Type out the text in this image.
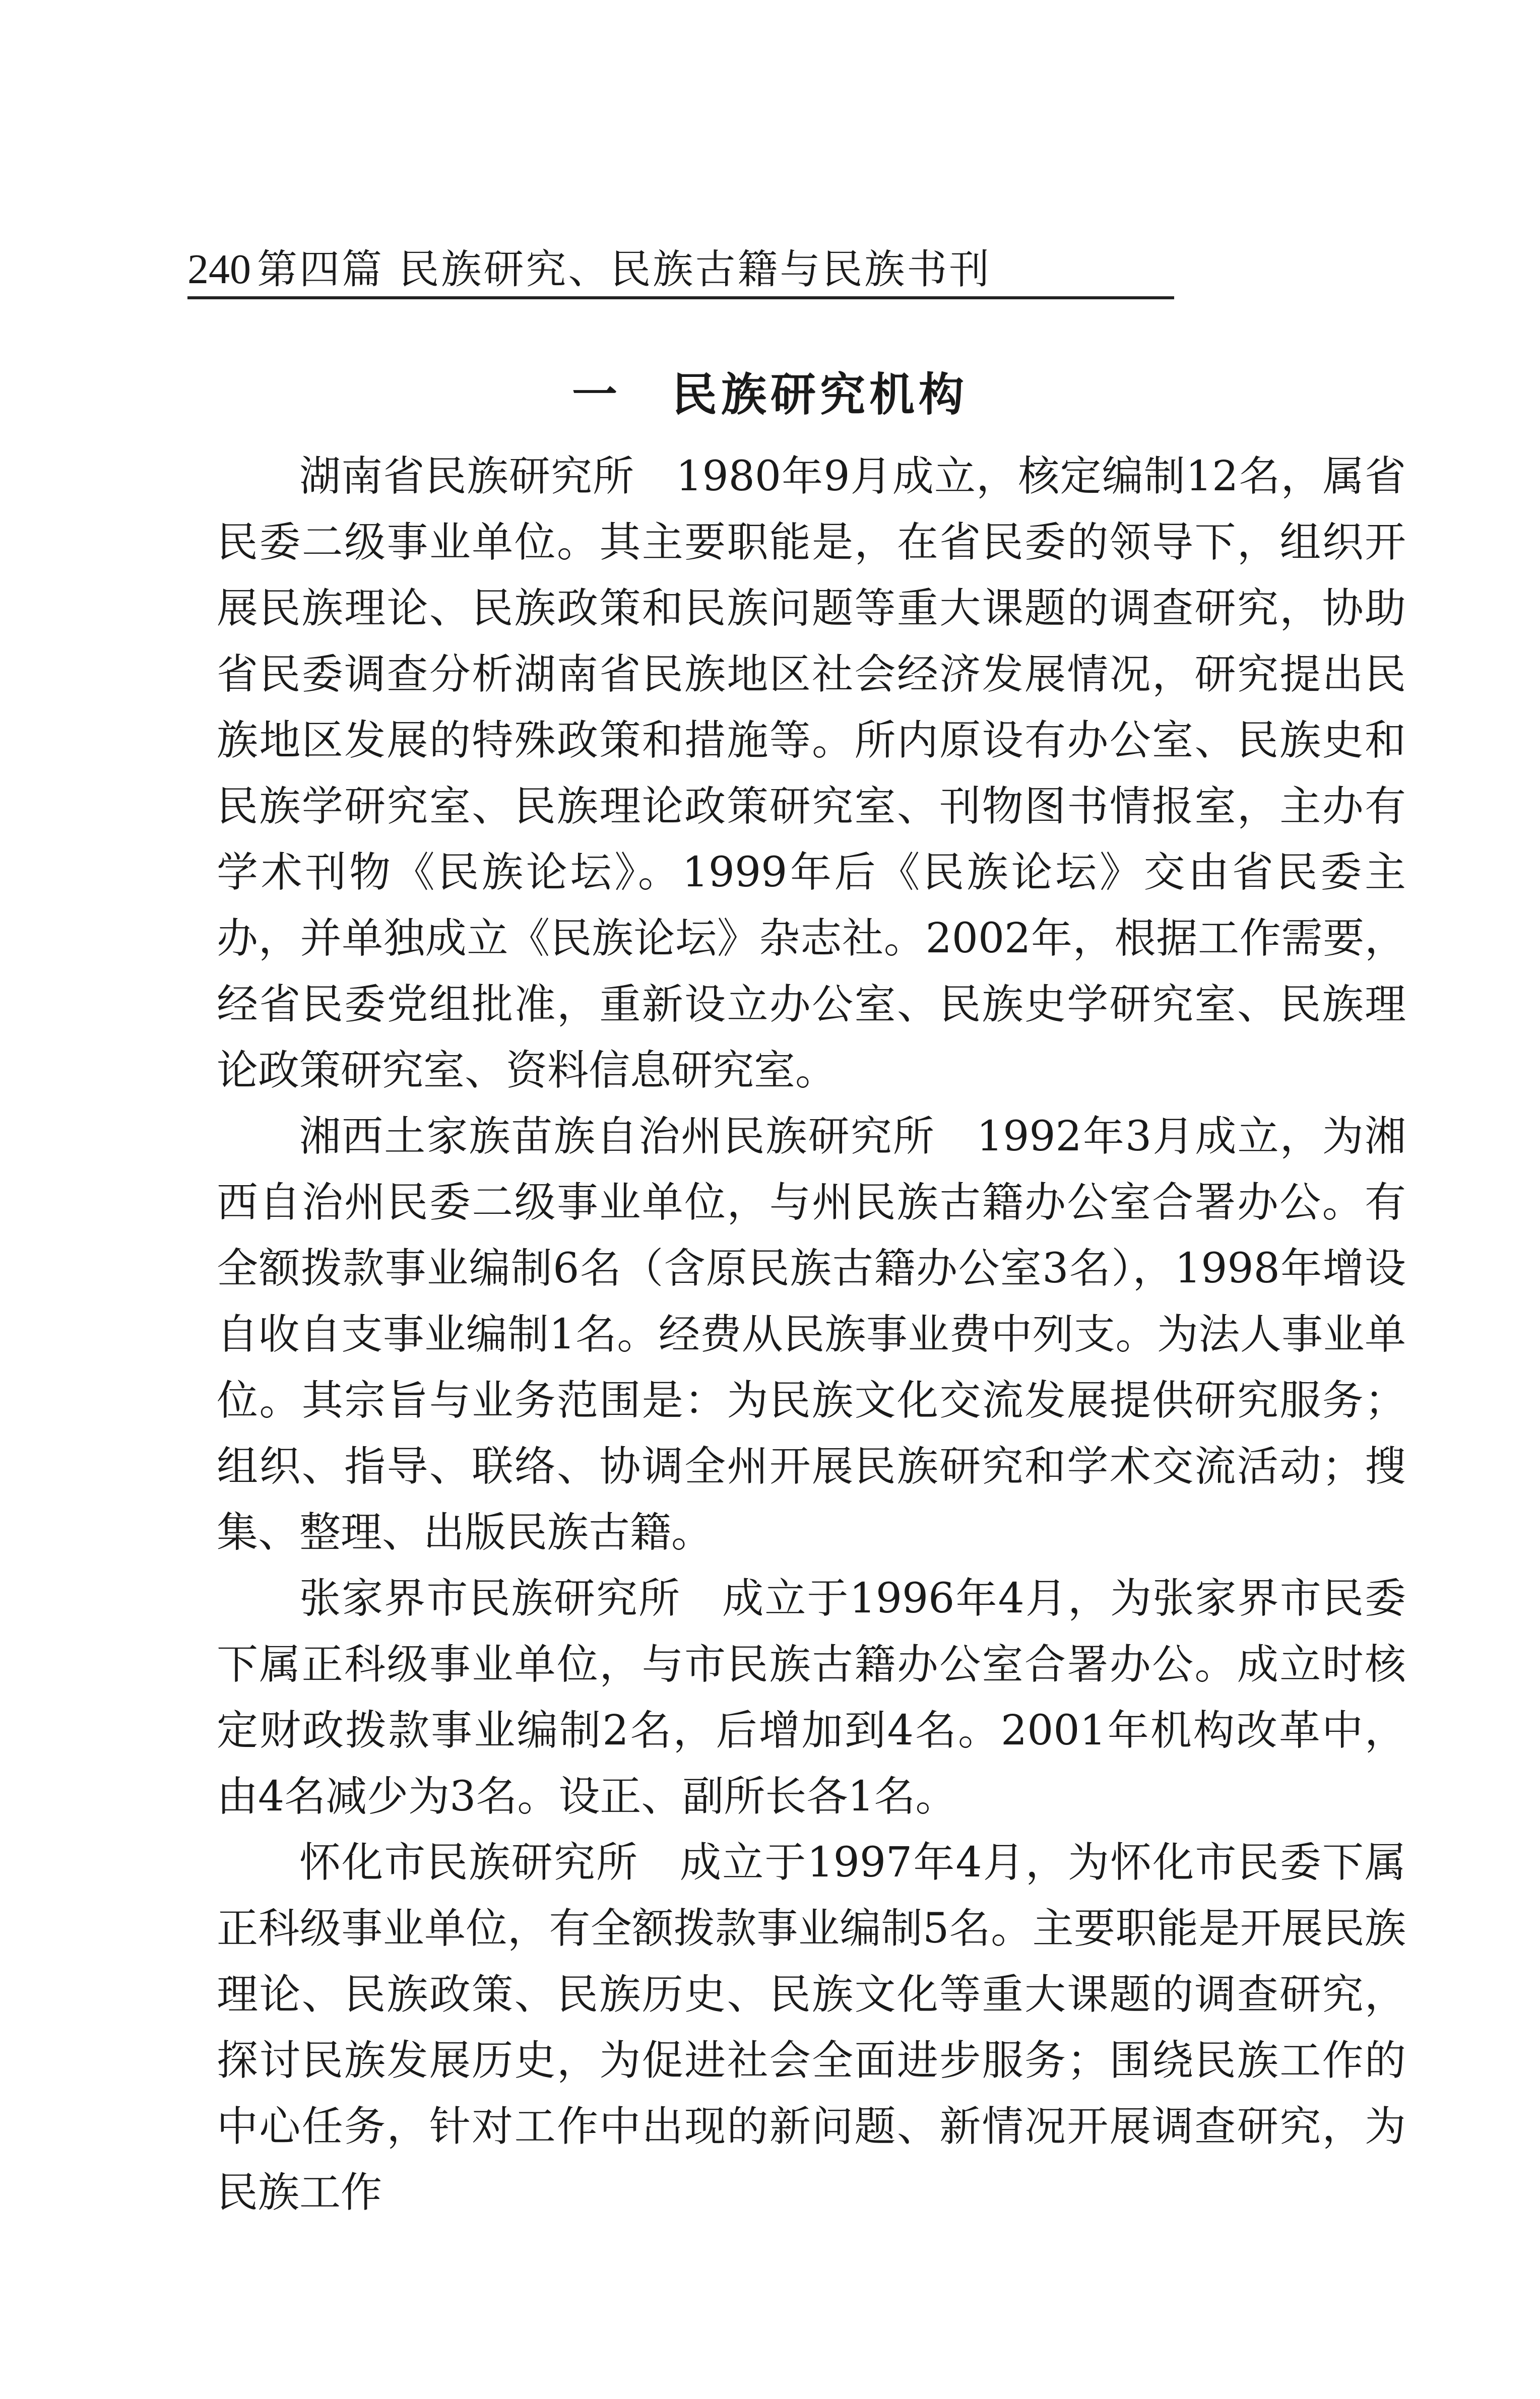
240 第四篇 民族研究、民族古籍与民族书刊
一 民族研究机构

湖南省民族研究所 1980年9月成立，核定编制12名，属省民委二级事业单位。其主要职能是，在省民委的领导下，组织开展民族理论、民族政策和民族问题等重大课题的调查研究，协助省民委调查分析湖南省民族地区社会经济发展情况，研究提出民族地区发展的特殊政策和措施等。所内原设有办公室、民族史和民族学研究室、民族理论政策研究室、刊物图书情报室，主办有学术刊物《民族论坛》。1999年后《民族论坛》交由省民委主办，并单独成立《民族论坛》杂志社。2002年，根据工作需要，经省民委党组批准，重新设立办公室、民族史学研究室、民族理论政策研究室、资料信息研究室。

湘西土家族苗族自治州民族研究所 1992年3月成立，为湘西自治州民委二级事业单位，与州民族古籍办公室合署办公。有全额拨款事业编制6名（含原民族古籍办公室3名），1998年增设自收自支事业编制1名。经费从民族事业费中列支。为法人事业单位。其宗旨与业务范围是：为民族文化交流发展提供研究服务；组织、指导、联络、协调全州开展民族研究和学术交流活动；搜集、整理、出版民族古籍。

张家界市民族研究所 成立于1996年4月，为张家界市民委下属正科级事业单位，与市民族古籍办公室合署办公。成立时核定财政拨款事业编制2名，后增加到4名。2001年机构改革中，由4名减少为3名。设正、副所长各1名。

怀化市民族研究所 成立于1997年4月，为怀化市民委下属正科级事业单位，有全额拨款事业编制5名。主要职能是开展民族理论、民族政策、民族历史、民族文化等重大课题的调查研究，探讨民族发展历史，为促进社会全面进步服务；围绕民族工作的中心任务，针对工作中出现的新问题、新情况开展调查研究，为民族工作
